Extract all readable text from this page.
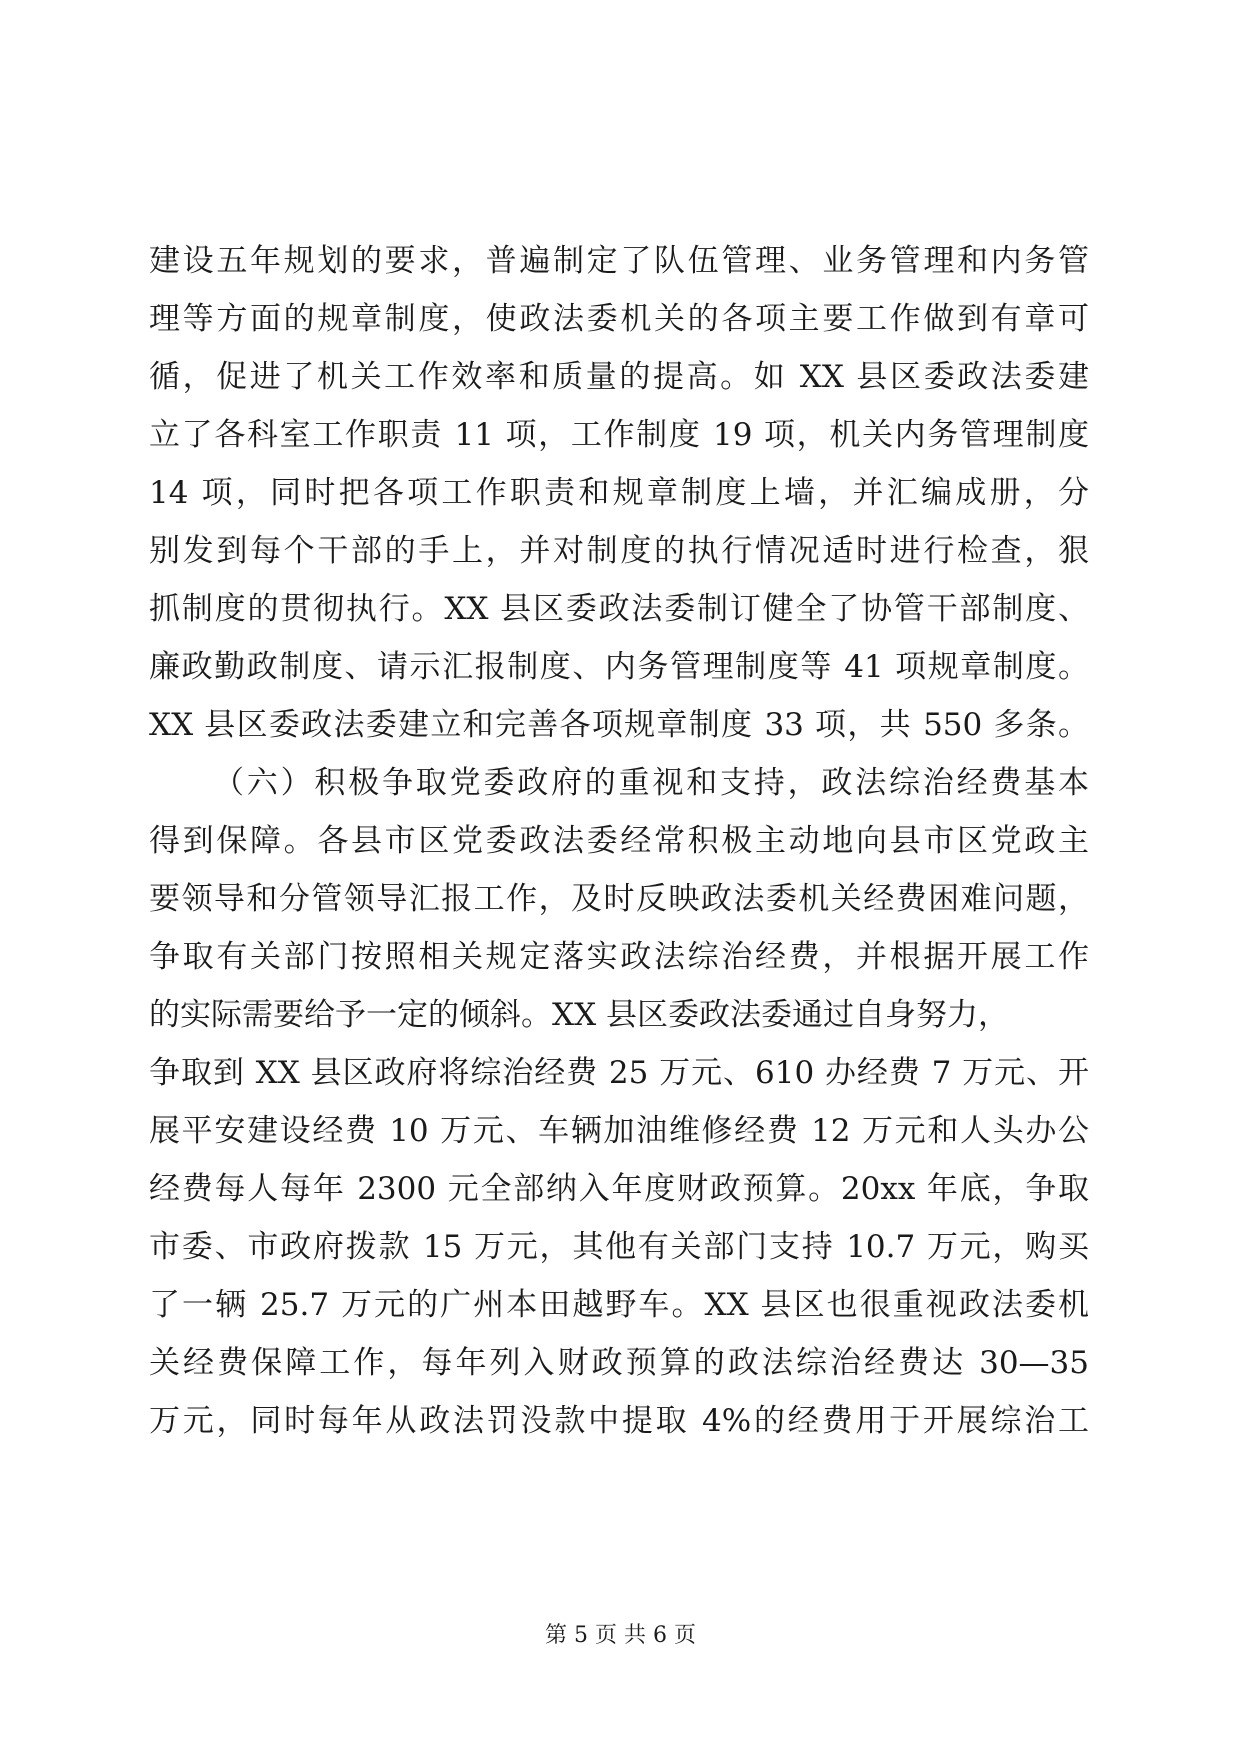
建设五年规划的要求，普遍制定了队伍管理、业务管理和内务管
理等方面的规章制度，使政法委机关的各项主要工作做到有章可
循，促进了机关工作效率和质量的提高。如 XX 县区委政法委建
立了各科室工作职责 11 项，工作制度 19 项，机关内务管理制度
14 项，同时把各项工作职责和规章制度上墙，并汇编成册，分
别发到每个干部的手上，并对制度的执行情况适时进行检查，狠
抓制度的贯彻执行。XX 县区委政法委制订健全了协管干部制度、
廉政勤政制度、请示汇报制度、内务管理制度等 41 项规章制度。
XX 县区委政法委建立和完善各项规章制度 33 项，共 550 多条。
（六）积极争取党委政府的重视和支持，政法综治经费基本
得到保障。各县市区党委政法委经常积极主动地向县市区党政主
要领导和分管领导汇报工作，及时反映政法委机关经费困难问题，
争取有关部门按照相关规定落实政法综治经费，并根据开展工作
的实际需要给予一定的倾斜。XX 县区委政法委通过自身努力，
争取到 XX 县区政府将综治经费 25 万元、610 办经费 7 万元、开
展平安建设经费 10 万元、车辆加油维修经费 12 万元和人头办公
经费每人每年 2300 元全部纳入年度财政预算。20xx 年底，争取
市委、市政府拨款 15 万元，其他有关部门支持 10.7 万元，购买
了一辆 25.7 万元的广州本田越野车。XX 县区也很重视政法委机
关经费保障工作，每年列入财政预算的政法综治经费达 30—35
万元，同时每年从政法罚没款中提取 4%的经费用于开展综治工
第 5 页 共 6 页
